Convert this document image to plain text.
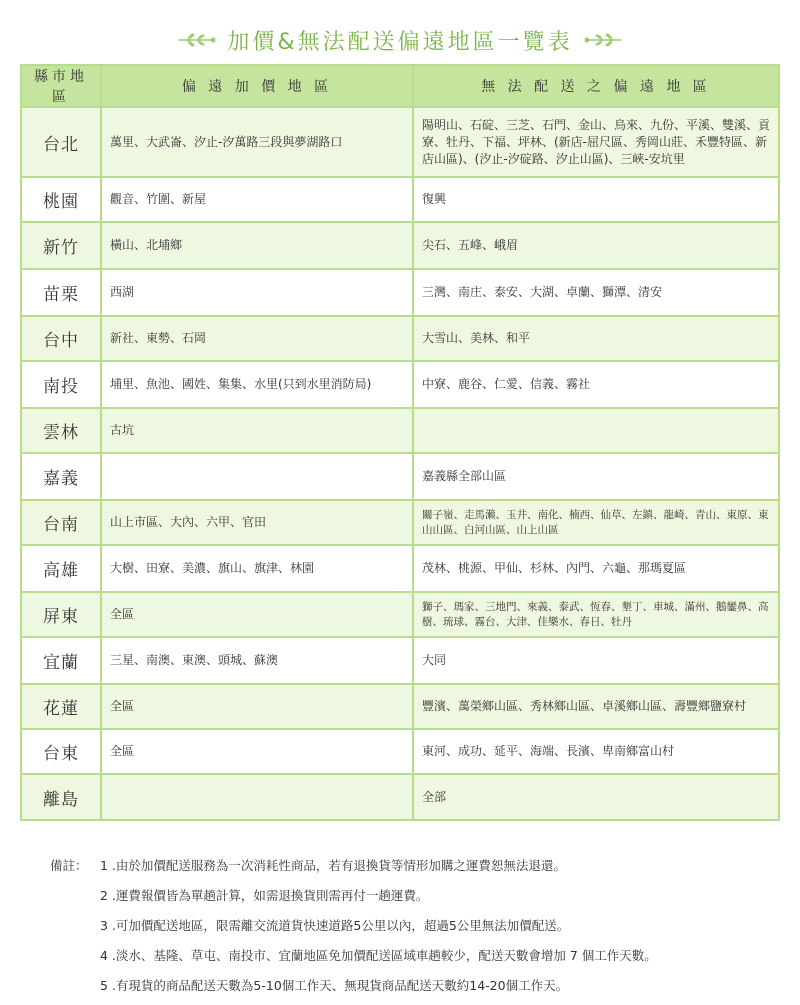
加價&無法配送偏遠地區一覽表
縣市地區	偏 遠 加 價 地 區	無 法 配 送 之 偏 遠 地 區
台北	萬里、大武崙、汐止-汐萬路三段與夢湖路口	陽明山、石碇、三芝、石門、金山、烏來、九份、平溪、雙溪、貢寮、牡丹、下福、坪林、(新店-屈尺區、秀岡山莊、禾豐特區、新店山區)、(汐止-汐碇路、汐止山區)、三峽-安坑里
桃園	觀音、竹圍、新屋	復興
新竹	橫山、北埔鄉	尖石、五峰、峨眉
苗栗	西湖	三灣、南庄、泰安、大湖、卓蘭、獅潭、清安
台中	新社、東勢、石岡	大雪山、美林、和平
南投	埔里、魚池、國姓、集集、水里(只到水里消防局)	中寮、鹿谷、仁愛、信義、霧社
雲林	古坑	
嘉義		嘉義縣全部山區
台南	山上市區、大內、六甲、官田	關子嶺、走馬瀨、玉井、南化、楠西、仙草、左鎮、龍崎、青山、東原、東山山區、白河山區、山上山區
高雄	大樹、田寮、美濃、旗山、旗津、林園	茂林、桃源、甲仙、杉林、內門、六龜、那瑪夏區
屏東	全區	獅子、瑪家、三地門、來義、泰武、恆春、墾丁、車城、滿州、鵝鑾鼻、高樹、琉球、霧台、大津、佳樂水、春日、牡丹
宜蘭	三星、南澳、東澳、頭城、蘇澳	大同
花蓮	全區	豐濱、萬榮鄉山區、秀林鄉山區、卓溪鄉山區、壽豐鄉鹽寮村
台東	全區	東河、成功、延平、海端、長濱、卑南鄉富山村
離島		全部
備註： 1 .由於加價配送服務為一次消耗性商品，若有退換貨等情形加購之運費恕無法退還。
2 .運費報價皆為單趟計算，如需退換貨則需再付一趟運費。
3 .可加價配送地區，限需離交流道貨快速道路5公里以內，超過5公里無法加價配送。
4 .淡水、基隆、草屯、南投市、宜蘭地區免加價配送區域車趟較少，配送天數會增加 7 個工作天數。
5 .有現貨的商品配送天數為5-10個工作天、無現貨商品配送天數約14-20個工作天。
